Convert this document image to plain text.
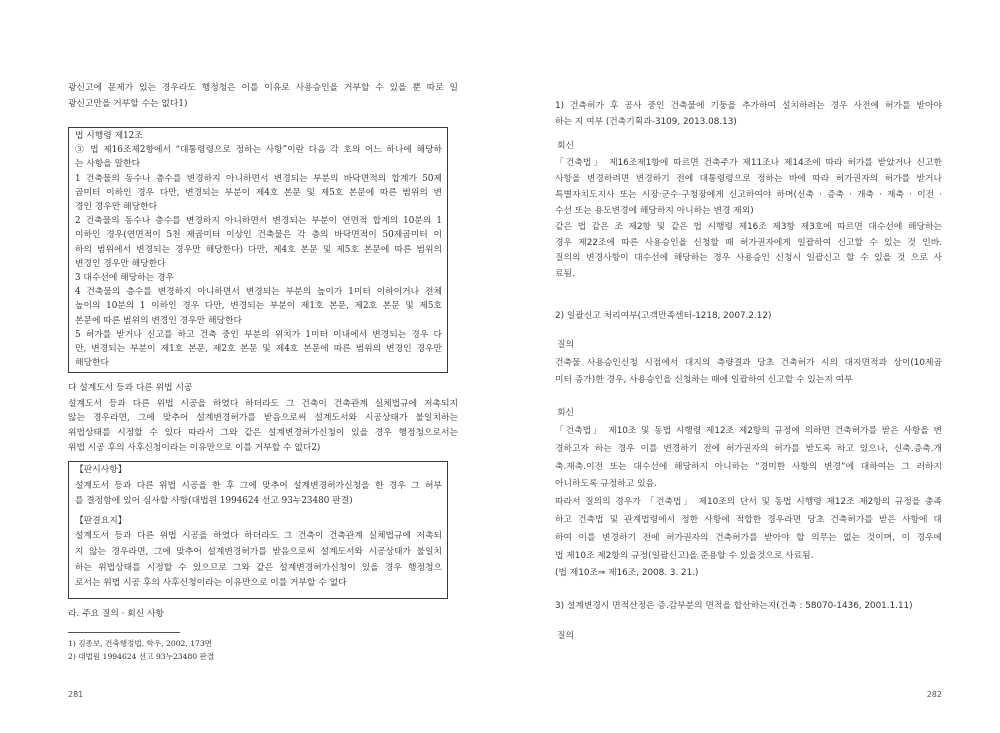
광신고에 문제가 있는 경우라도 행정청은 이를 이유로 사용승인을 거부할 수 있을 뿐 따로 일
광신고만을 거부할 수는 없다1)
법 시행령 제12조
③ 법 제16조제2항에서 “대통령령으로 정하는 사항”이란 다음 각 호의 어느 하나에 해당하
는 사항을 말한다
1 건축물의 동수나 층수를 변경하지 아니하면서 변경되는 부분의 바닥면적의 합계가 50제
곱미터 이하인 경우 다만, 변경되는 부분이 제4호 본문 및 제5호 본문에 따른 범위의 변
경인 경우만 해당한다
2 건축물의 동수나 층수를 변경하지 아니하면서 변경되는 부분이 연면적 합계의 10분의 1
이하인 경우(연면적이 5천 제곱미터 이상인 건축물은 각 층의 바닥면적이 50제곱미터 이
하의 범위에서 변경되는 경우만 해당한다) 다만, 제4호 본문 및 제5호 본문에 따른 범위의
변경인 경우만 해당한다
3 대수선에 해당하는 경우
4 건축물의 층수를 변경하지 아니하면서 변경되는 부분의 높이가 1미터 이하이거나 전체
높이의 10분의 1 이하인 경우 다만, 변경되는 부분이 제1호 본문, 제2호 본문 및 제5호
본문에 따른 범위의 변경인 경우만 해당한다
5 허가를 받거나 신고를 하고 건축 중인 부분의 위치가 1미터 이내에서 변경되는 경우 다
만, 변경되는 부분이 제1호 본문, 제2호 본문 및 제4호 본문에 따른 범위의 변경인 경우만
해당한다
다 설계도서 등과 다른 위법 시공
설계도서 등과 다른 위법 시공을 하였다 하더라도 그 건축이 건축관계 실체법규에 저촉되지
않는 경우라면, 그에 맞추어 설계변경허가를 받음으로써 설계도서와 시공상태가 불일치하는
위법상태를 시정할 수 있다 따라서 그와 같은 설계변경허가신청이 있을 경우 행정청으로서는
위법 시공 후의 사후신청이라는 이유만으로 이를 거부할 수 없다2)
【판시사항】
설계도서 등과 다른 위법 시공을 한 후 그에 맞추어 설계변경허가신청을 한 경우 그 허부
를 결정함에 있어 심사할 사항(대법원 1994624 선고 93누23480 판결)
【판결요지】
설계도서 등과 다른 위법 시공을 하였다 하더라도 그 건축이 건축관계 실체법규에 저촉되
지 않는 경우라면, 그에 맞추어 설계변경허가를 받음으로써 설계도서와 시공상태가 불일치
하는 위법상태를 시정할 수 있으므로 그와 같은 설계변경허가신청이 있을 경우 행정청으
로서는 위법 시공 후의 사후신청이라는 이유만으로 이를 거부할 수 없다
라. 주요 질의 · 회신 사항
1) 김종보, 건축행정법, 학우, 2002, 173면
2) 대법원 1994624 선고 93누23480 판결
281
1) 건축허가 후 공사 중인 건축물에 기둥을 추가하여 설치하려는 경우 사전에 허가를 받아야
하는 지 여부 (건축기획과-3109, 2013.08.13)
회신
「건축법」 제16조제1항에 따르면 건축주가 제11조나 제14조에 따라 허가를 받았거나 신고한
사항을 변경하려면 변경하기 전에 대통령령으로 정하는 바에 따라 허가권자의 허가를 받거나
특별자치도지사 또는 시장·군수·구청장에게 신고하여야 하며(신축 · 증축 · 개축 · 재축 · 이전 ·
수선 또는 용도변경에 해당하지 아니하는 변경 제외)
같은 법 같은 조 제2항 및 같은 법 시행령 제16조 제3항 제3호에 따르면 대수선에 해당하는
경우 제22조에 따른 사용승인을 신청할 때 허가권자에게 일괄하여 신고할 수 있는 것 인바.
질의의 변경사항이 대수선에 해당하는 경우 사용승인 신청시 일괄신고 할 수 있을 것 으로 사
료됨.
2) 일괄신고 처리여부(고객만족센터-1218, 2007.2.12)
질의
건축물 사용승인신청 시점에서 대지의 측량결과 당초 건축허가 시의 대지면적과 상이(10제곱
미터 증가)한 경우, 사용승인을 신청하는 때에 일괄하여 신고할 수 있는지 여부
회신
「건축법」 제10조 및 동법 시행령 제12조 제2항의 규정에 의하면 건축허가를 받은 사항을 변
경하고자 하는 경우 이를 변경하기 전에 허가권자의 허가를 받도록 하고 있으나, 신축.증축.개
축.재축.이전 또는 대수선에 해당하지 아니하는 “경미한 사항의 변경”에 대하여는 그 러하지
아니하도록 규정하고 있음.
따라서 질의의 경우가 「건축법」 제10조의 단서 및 동법 시행령 제12조 제2항의 규정을 충족
하고 건축법 및 관계법령에서 정한 사항에 적합한 경우라면 당초 건축허가를 받은 사항에 대
하여 이를 변경하기 전에 허가권자의 건축허가를 받아야 할 의무는 없는 것이며, 이 경우에
법 제10조 제2항의 규정(일괄신고)을 준용할 수 있을것으로 사료됨.
(법 제10조⇒ 제16조, 2008. 3. 21.)
3) 설계변경시 면적산정은 증.감부분의 면적을 합산하는지(건축 : 58070-1436, 2001.1.11)
질의
282
